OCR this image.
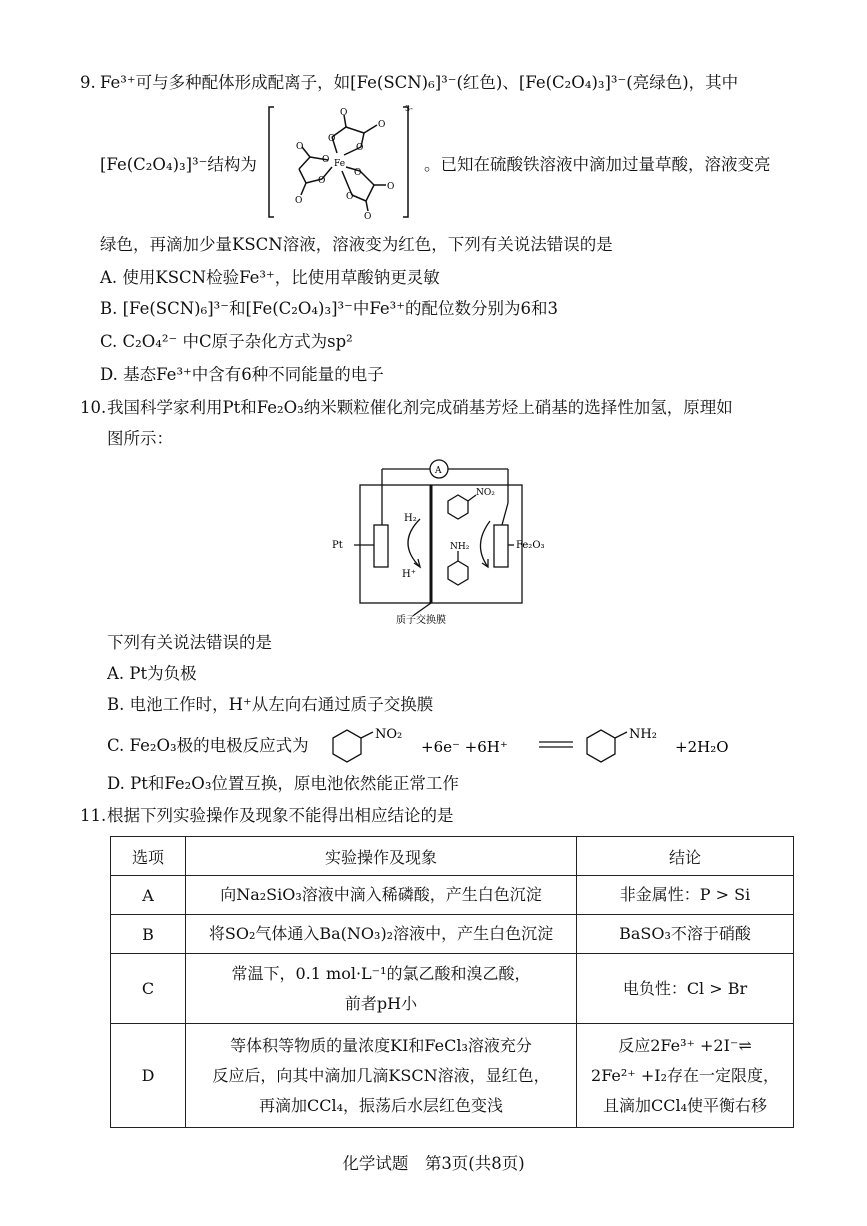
9. Fe³⁺可与多种配体形成配离子，如[Fe(SCN)₆]³⁻(红色)、[Fe(C₂O₄)₃]³⁻(亮绿色)，其中
[Fe(C₂O₄)₃]³⁻结构为
3-
Fe
O
O
O
O
O
O
O
O
O
O
O
O
。已知在硫酸铁溶液中滴加过量草酸，溶液变亮
绿色，再滴加少量KSCN溶液，溶液变为红色，下列有关说法错误的是
A. 使用KSCN检验Fe³⁺，比使用草酸钠更灵敏
B. [Fe(SCN)₆]³⁻和[Fe(C₂O₄)₃]³⁻中Fe³⁺的配位数分别为6和3
C. C₂O₄²⁻ 中C原子杂化方式为sp²
D. 基态Fe³⁺中含有6种不同能量的电子
10. 我国科学家利用Pt和Fe₂O₃纳米颗粒催化剂完成硝基芳烃上硝基的选择性加氢，原理如
图所示：
A
Pt	Fe₂O₃
H₂
H⁺
NO₂
NH₂
质子交换膜
下列有关说法错误的是
A. Pt为负极
B. 电池工作时，H⁺从左向右通过质子交换膜
C. Fe₂O₃极的电极反应式为
NO₂
+6e⁻ +6H⁺
NH₂
+2H₂O
D. Pt和Fe₂O₃位置互换，原电池依然能正常工作
11. 根据下列实验操作及现象不能得出相应结论的是
选项	实验操作及现象	结论
A	向Na₂SiO₃溶液中滴入稀磷酸，产生白色沉淀	非金属性：P > Si

B	将SO₂气体通入Ba(NO₃)₂溶液中，产生白色沉淀	BaSO₃不溶于硝酸

C	常温下，0.1 mol·L⁻¹的氯乙酸和溴乙酸，
前者pH小	电负性：Cl > Br

D	等体积等物质的量浓度KI和FeCl₃溶液充分
反应后，向其中滴加几滴KSCN溶液，显红色，
再滴加CCl₄，振荡后水层红色变浅	反应2Fe³⁺ +2I⁻⇌
2Fe²⁺ +I₂存在一定限度，
且滴加CCl₄使平衡右移
化学试题　第3页(共8页)
